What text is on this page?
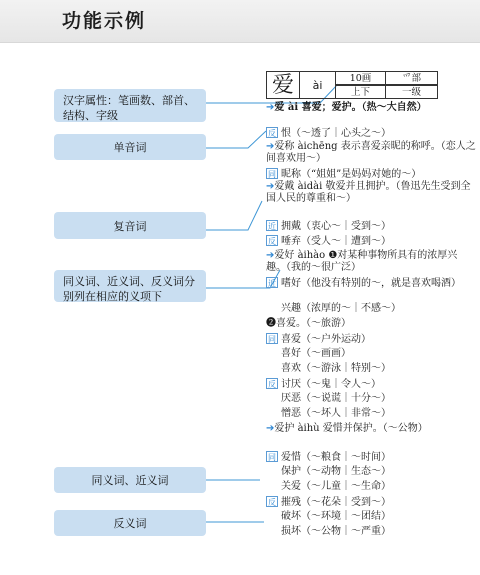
功能示例
汉字属性：笔画数、部首、结构、字级
单音词
复音词
同义词、近义词、反义词分别列在相应的义项下
同义词、近义词
反义词
爱	ài
10画	爫部
上下	一级
➔爱 ài 喜爱；爱护。（热～大自然）
反 恨（～透了｜心头之～）
➔爱称 àichēng 表示喜爱亲昵的称呼。（恋人之间喜欢用～）
同 昵称（“姐姐”是妈妈对她的～）
➔爱戴 àidài 敬爱并且拥护。（鲁迅先生受到全国人民的尊重和～）
近 拥戴（衷心～｜受到～）
反 唾弃（受人～｜遭到～）
➔爱好 àihào ❶对某种事物所具有的浓厚兴趣。（我的～很广泛）
近 嗜好（他没有特别的～，就是喜欢喝酒）
兴趣（浓厚的～｜不感～）
❷喜爱。（～旅游）
同 喜爱（～户外运动）
喜好（～画画）
喜欢（～游泳｜特别～）
反 讨厌（～鬼｜令人～）
厌恶（～说谎｜十分～）
憎恶（～坏人｜非常～）
➔爱护 àihù 爱惜并保护。（～公物）
同 爱惜（～粮食｜～时间）
保护（～动物｜生态～）
关爱（～儿童｜～生命）
反 摧残（～花朵｜受到～）
破坏（～环境｜～团结）
损坏（～公物｜～严重）
